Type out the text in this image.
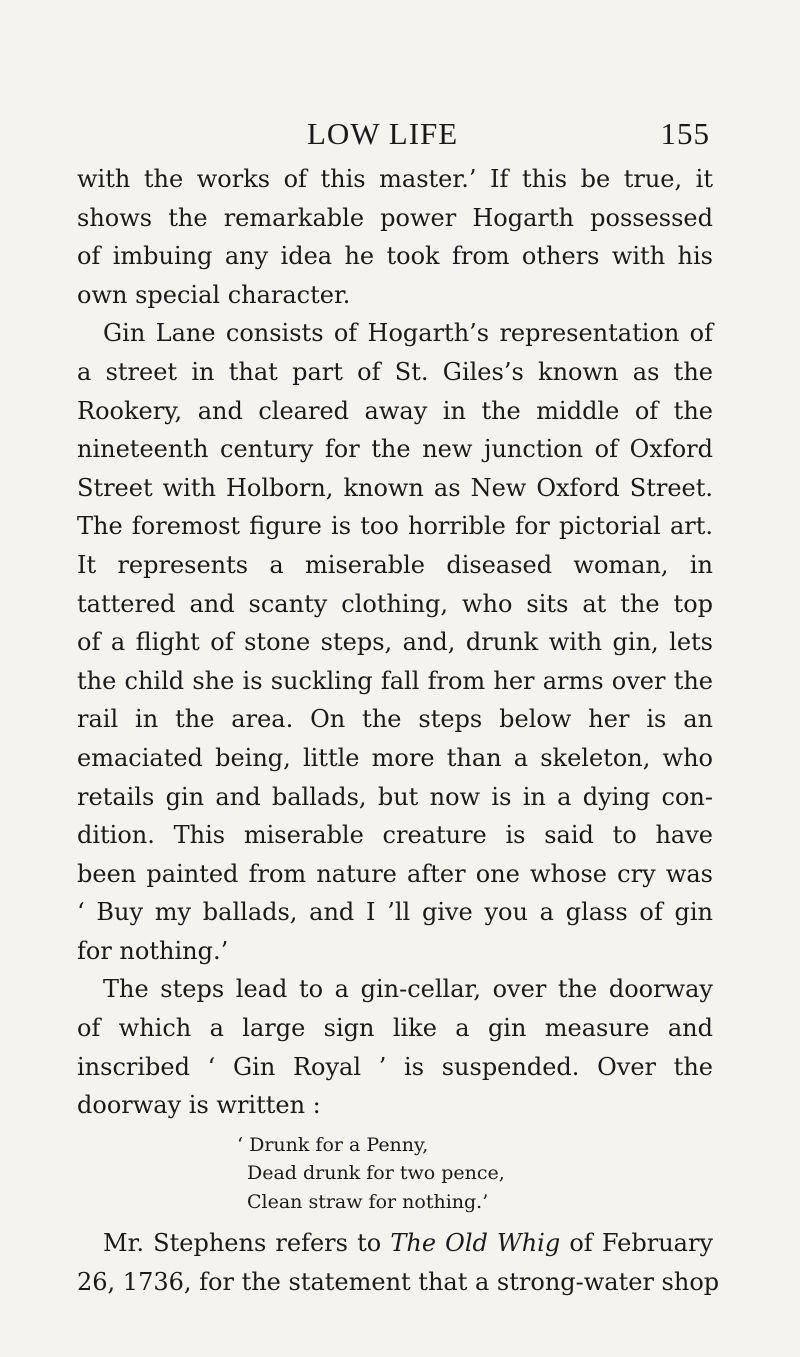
LOW LIFE	155
with the works of this master.’ If this be true, it
shows the remarkable power Hogarth possessed
of imbuing any idea he took from others with his
own special character.
Gin Lane consists of Hogarth’s representation of
a street in that part of St. Giles’s known as the
Rookery, and cleared away in the middle of the
nineteenth century for the new junction of Oxford
Street with Holborn, known as New Oxford Street.
The foremost figure is too horrible for pictorial art.
It represents a miserable diseased woman, in
tattered and scanty clothing, who sits at the top
of a flight of stone steps, and, drunk with gin, lets
the child she is suckling fall from her arms over the
rail in the area. On the steps below her is an
emaciated being, little more than a skeleton, who
retails gin and ballads, but now is in a dying con-
dition. This miserable creature is said to have
been painted from nature after one whose cry was
‘ Buy my ballads, and I ’ll give you a glass of gin
for nothing.’
The steps lead to a gin-cellar, over the doorway
of which a large sign like a gin measure and
inscribed ‘ Gin Royal ’ is suspended. Over the
doorway is written :
‘ Drunk for a Penny,
Dead drunk for two pence,
Clean straw for nothing.’
Mr. Stephens refers to The Old Whig of February
26, 1736, for the statement that a strong-water shop
